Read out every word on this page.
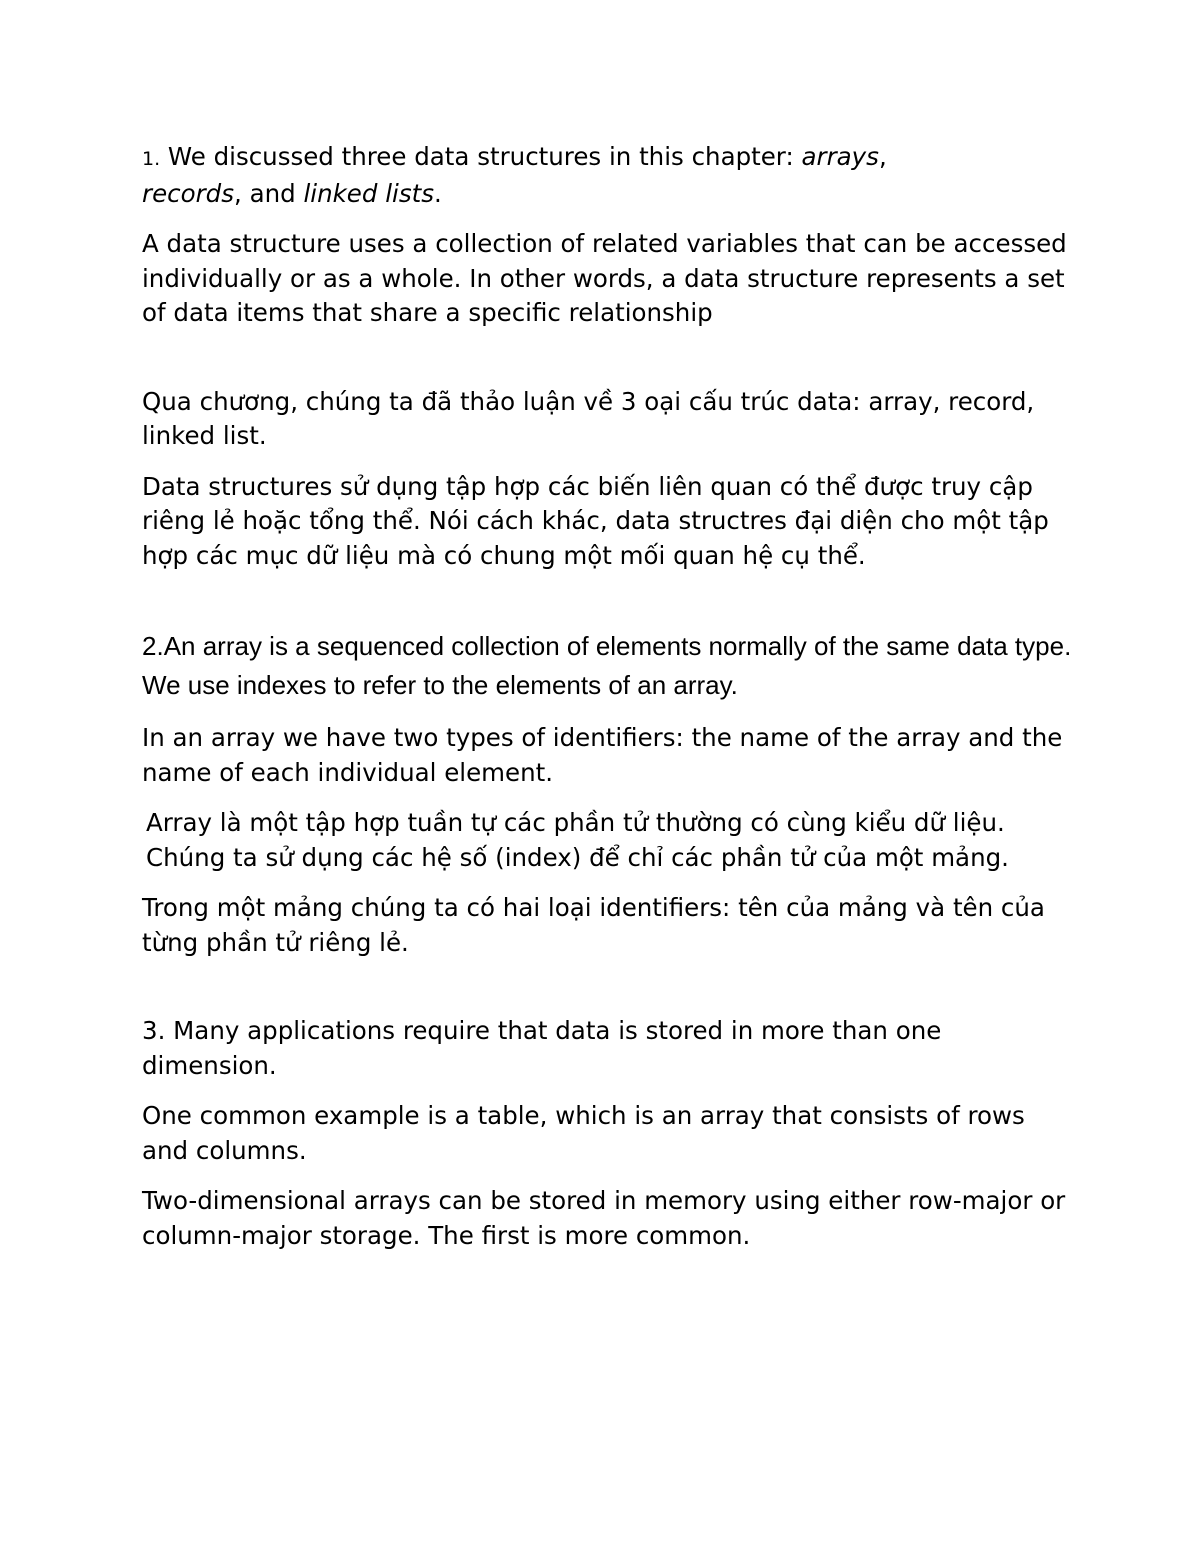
1. We discussed three data structures in this chapter: arrays,
records, and linked lists.

A data structure uses a collection of related variables that can be accessed individually or as a whole. In other words, a data structure represents a set of data items that share a specific relationship

Qua chương, chúng ta đã thảo luận về 3 oại cấu trúc data: array, record, linked list.

Data structures sử dụng tập hợp các biến liên quan có thể được truy cập riêng lẻ hoặc tổng thể. Nói cách khác, data structres đại diện cho một tập hợp các mục dữ liệu mà có chung một mối quan hệ cụ thể.

2.An array is a sequenced collection of elements normally of the same data type. We use indexes to refer to the elements of an array.

In an array we have two types of identifiers: the name of the array and the name of each individual element.

Array là một tập hợp tuần tự các phần tử thường có cùng kiểu dữ liệu. Chúng ta sử dụng các hệ số (index) để chỉ các phần tử của một mảng.

Trong một mảng chúng ta có hai loại identifiers: tên của mảng và tên của từng phần tử riêng lẻ.

3. Many applications require that data is stored in more than one dimension.

One common example is a table, which is an array that consists of rows and columns.

Two-dimensional arrays can be stored in memory using either row-major or column-major storage. The first is more common.
